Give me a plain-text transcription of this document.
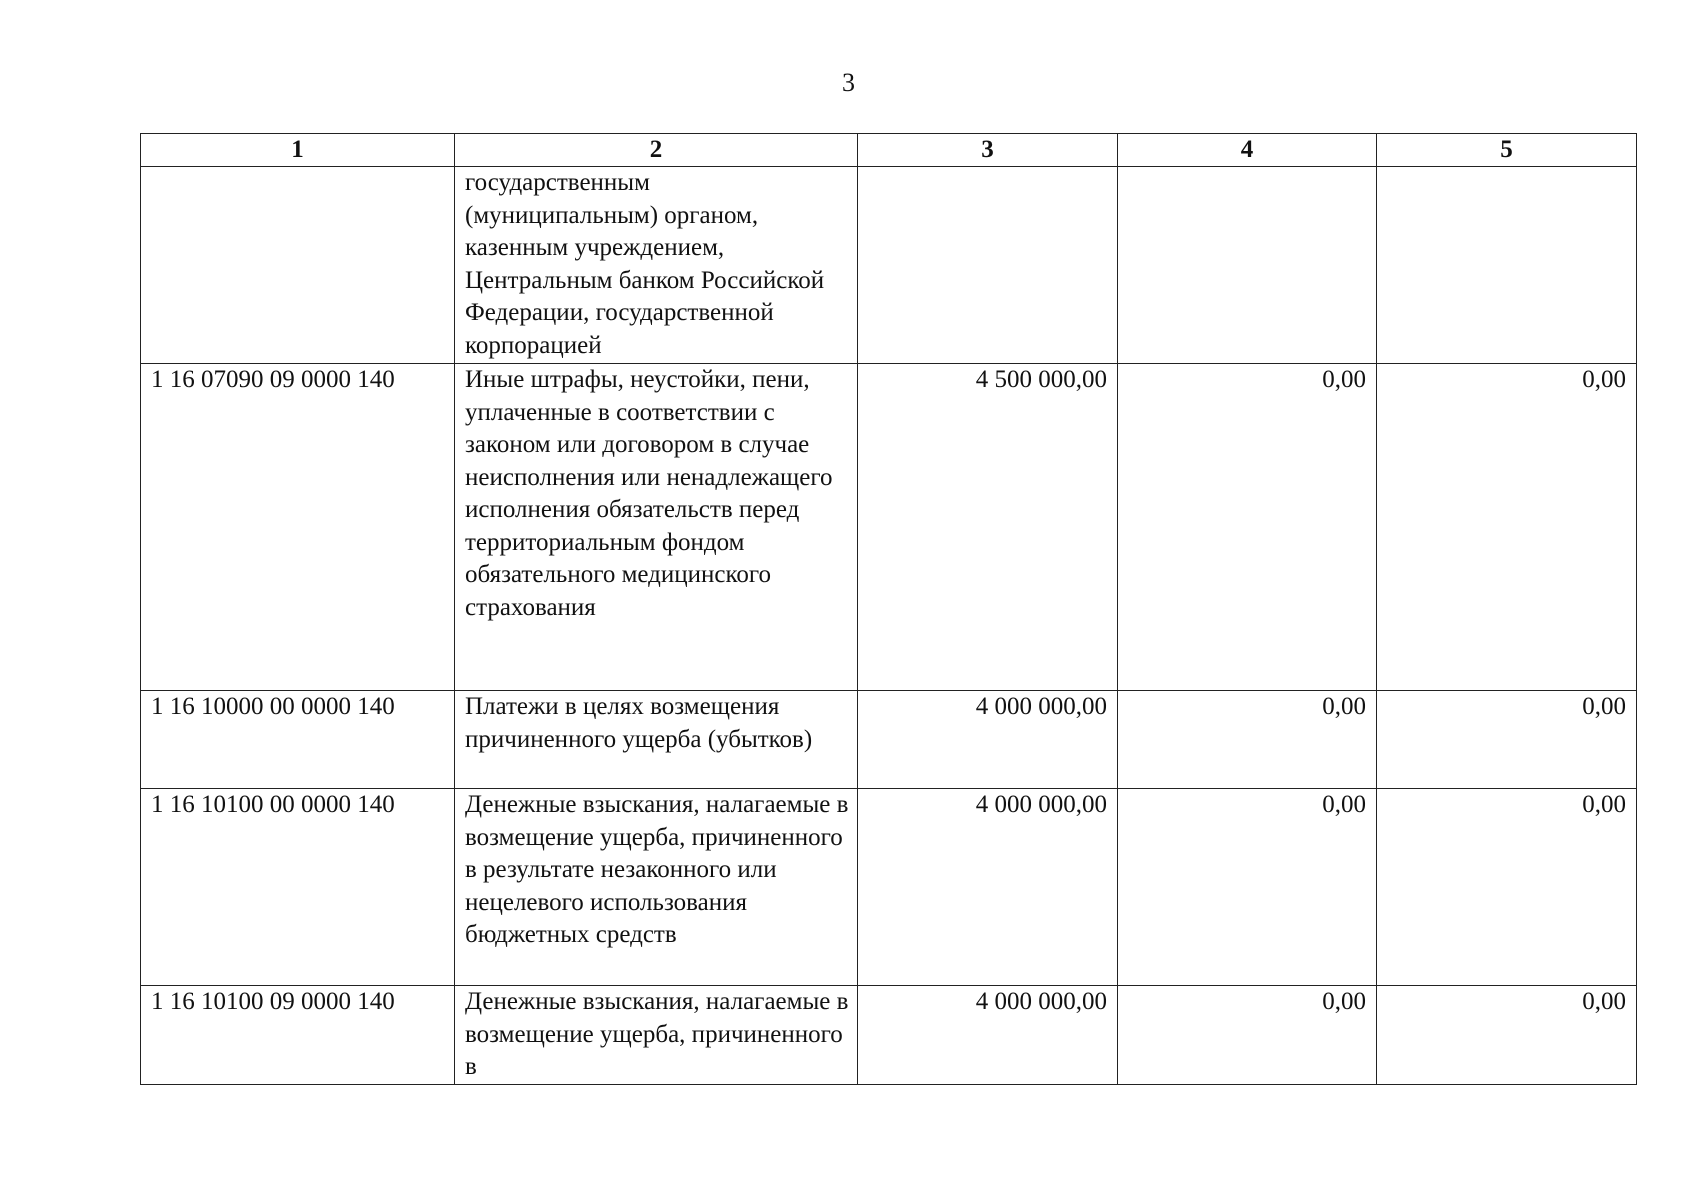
3
1	2	3	4	5

	государственным (муниципальным) органом, казенным учреждением, Центральным банком Российской Федерации, государственной корпорацией			

1 16 07090 09 0000 140	Иные штрафы, неустойки, пени, уплаченные в соответствии с законом или договором в случае неисполнения или ненадлежащего исполнения обязательств перед территориальным фондом обязательного медицинского страхования	4 500 000,00	0,00	0,00
1 16 10000 00 0000 140	Платежи в целях возмещения причиненного ущерба (убытков)	4 000 000,00	0,00	0,00
1 16 10100 00 0000 140	Денежные взыскания, налагаемые в возмещение ущерба, причиненного в результате незаконного или нецелевого использования бюджетных средств	4 000 000,00	0,00	0,00
1 16 10100 09 0000 140	Денежные взыскания, налагаемые в возмещение ущерба, причиненного в	4 000 000,00	0,00	0,00
